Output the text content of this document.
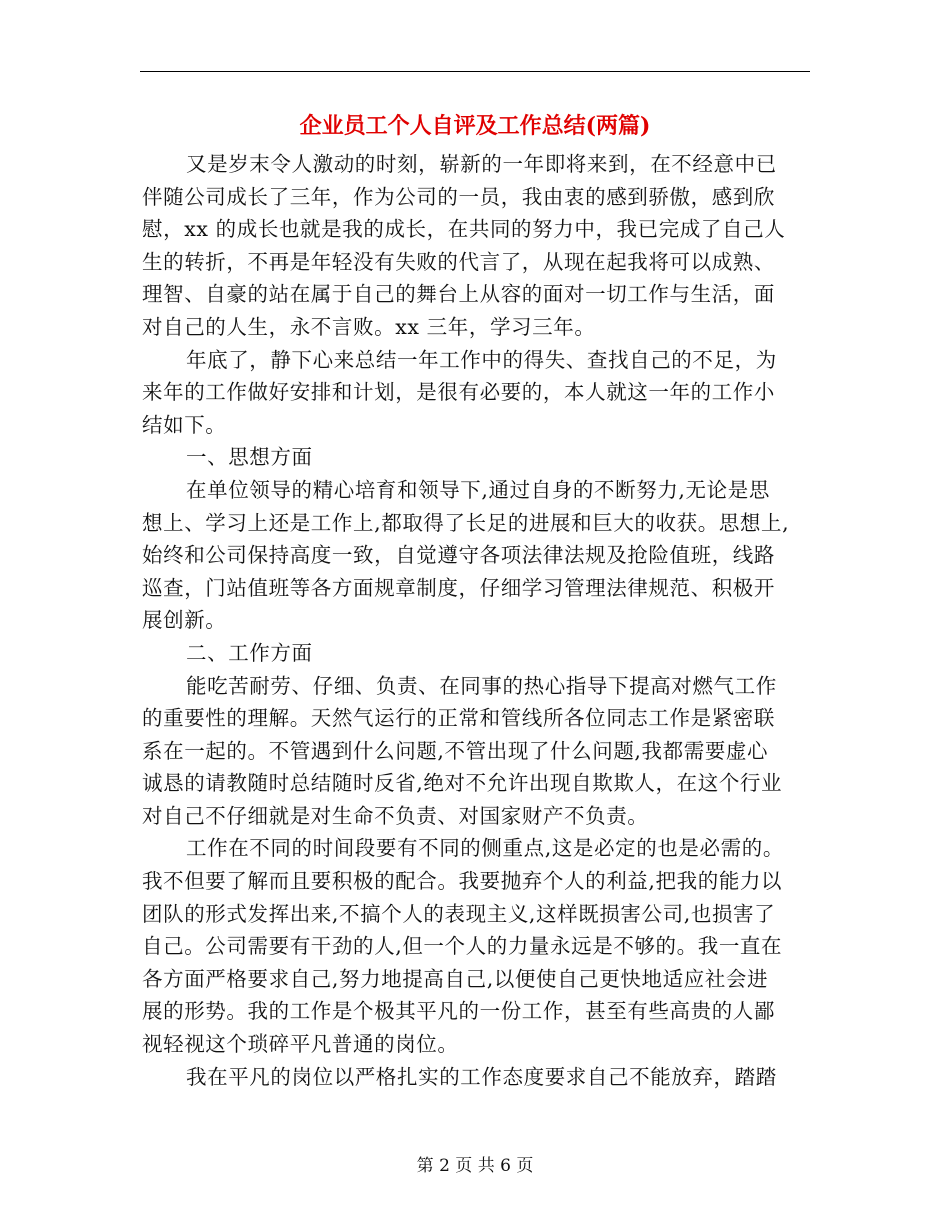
企业员工个人自评及工作总结(两篇)
又是岁末令人激动的时刻，崭新的一年即将来到，在不经意中已
伴随公司成长了三年，作为公司的一员，我由衷的感到骄傲，感到欣
慰，xx 的成长也就是我的成长，在共同的努力中，我已完成了自己人
生的转折，不再是年轻没有失败的代言了，从现在起我将可以成熟、
理智、自豪的站在属于自己的舞台上从容的面对一切工作与生活，面
对自己的人生，永不言败。xx 三年，学习三年。
年底了，静下心来总结一年工作中的得失、查找自己的不足，为
来年的工作做好安排和计划，是很有必要的，本人就这一年的工作小
结如下。
一、思想方面
在单位领导的精心培育和领导下,通过自身的不断努力,无论是思
想上、学习上还是工作上,都取得了长足的进展和巨大的收获。思想上,
始终和公司保持高度一致，自觉遵守各项法律法规及抢险值班，线路
巡查，门站值班等各方面规章制度，仔细学习管理法律规范、积极开
展创新。
二、工作方面
能吃苦耐劳、仔细、负责、在同事的热心指导下提高对燃气工作
的重要性的理解。天然气运行的正常和管线所各位同志工作是紧密联
系在一起的。不管遇到什么问题,不管出现了什么问题,我都需要虚心
诚恳的请教随时总结随时反省,绝对不允许出现自欺欺人，在这个行业
对自己不仔细就是对生命不负责、对国家财产不负责。
工作在不同的时间段要有不同的侧重点,这是必定的也是必需的。
我不但要了解而且要积极的配合。我要抛弃个人的利益,把我的能力以
团队的形式发挥出来,不搞个人的表现主义,这样既损害公司,也损害了
自己。公司需要有干劲的人,但一个人的力量永远是不够的。我一直在
各方面严格要求自己,努力地提高自己,以便使自己更快地适应社会进
展的形势。我的工作是个极其平凡的一份工作，甚至有些高贵的人鄙
视轻视这个琐碎平凡普通的岗位。
我在平凡的岗位以严格扎实的工作态度要求自己不能放弃，踏踏
第 2 页 共 6 页
